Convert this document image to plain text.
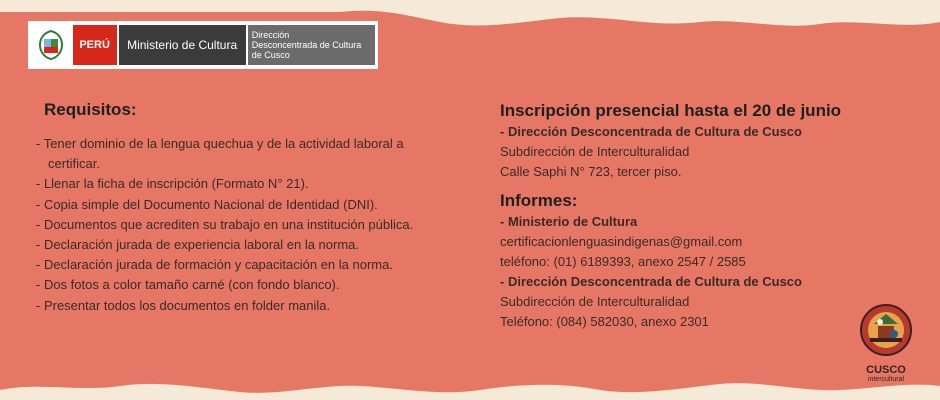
PERÚ	Ministerio de Cultura
Dirección
Desconcentrada de Cultura
de Cusco
Requisitos:
- Tener dominio de la lengua quechua y de la actividad laboral a
certificar.
- Llenar la ficha de inscripción (Formato N° 21).
- Copia simple del Documento Nacional de Identidad (DNI).
- Documentos que acrediten su trabajo en una institución pública.
- Declaración jurada de experiencia laboral en la norma.
- Declaración jurada de formación y capacitación en la norma.
- Dos fotos a color tamaño carné (con fondo blanco).
- Presentar todos los documentos en folder manila.
Inscripción presencial hasta el 20 de junio
- Dirección Desconcentrada de Cultura de Cusco
Subdirección de Interculturalidad
Calle Saphi N° 723, tercer piso.
Informes:
- Ministerio de Cultura
certificacionlenguasindigenas@gmail.com
teléfono: (01) 6189393, anexo 2547 / 2585
- Dirección Desconcentrada de Cultura de Cusco
Subdirección de Interculturalidad
Teléfono: (084) 582030, anexo 2301
CUSCO
intercultural
